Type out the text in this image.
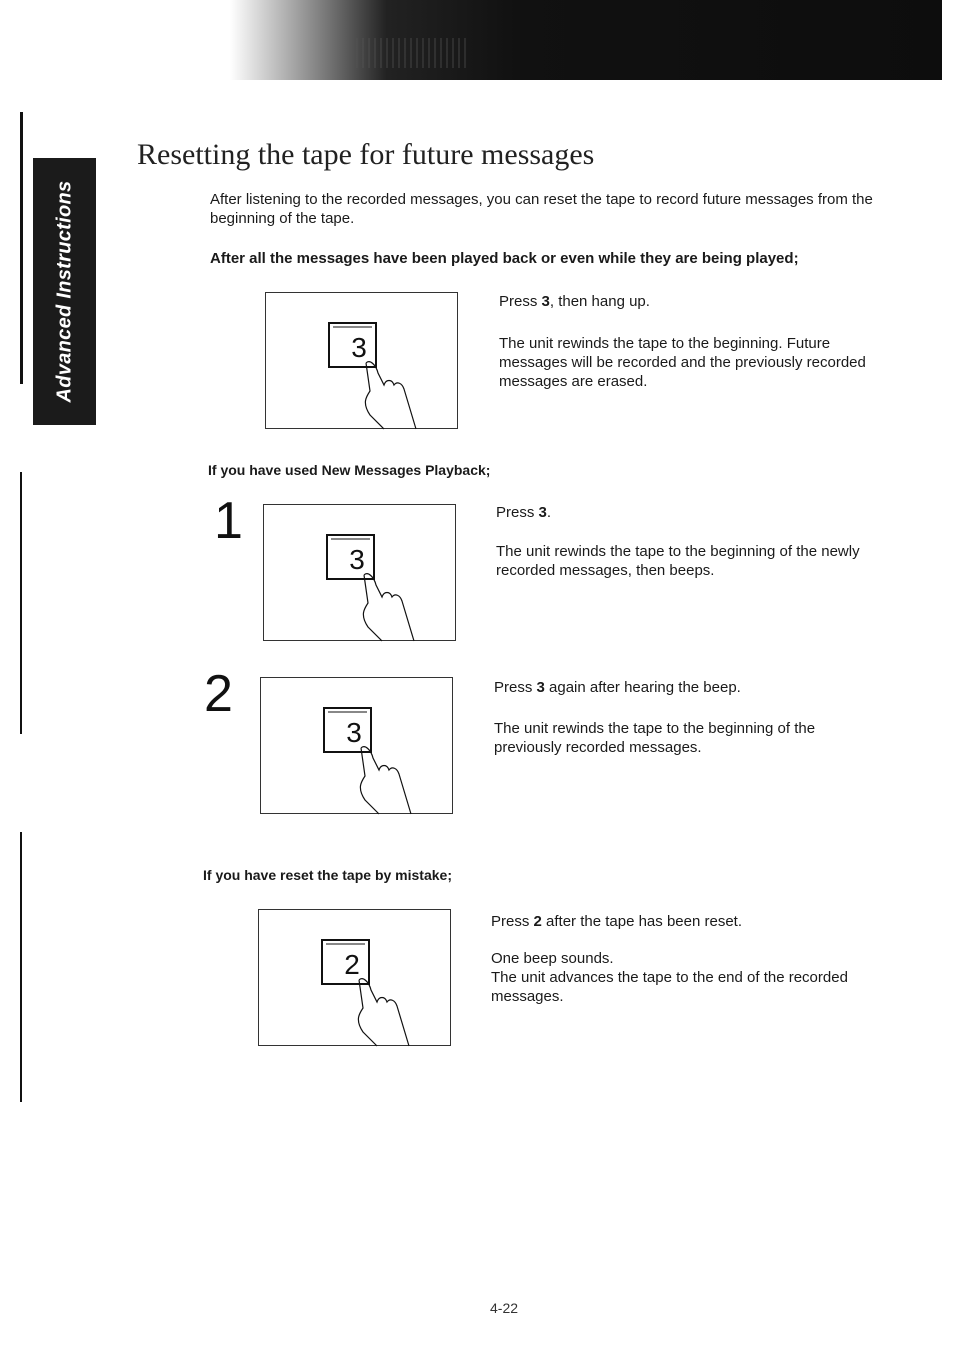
Advanced Instructions
Resetting the tape for future messages

After listening to the recorded messages, you can reset the tape to record future messages from the beginning of the tape.

After all the messages have been played back or even while they are being played;

3

Press 3, then hang up.

The unit rewinds the tape to the beginning. Future messages will be recorded and the previously recorded messages are erased.

If you have used New Messages Playback;

1
3

Press 3.

The unit rewinds the tape to the beginning of the newly recorded messages, then beeps.

2
3

Press 3 again after hearing the beep.

The unit rewinds the tape to the beginning of the previously recorded messages.

If you have reset the tape by mistake;

2

Press 2 after the tape has been reset.

One beep sounds.

The unit advances the tape to the end of the recorded messages.

4-22
